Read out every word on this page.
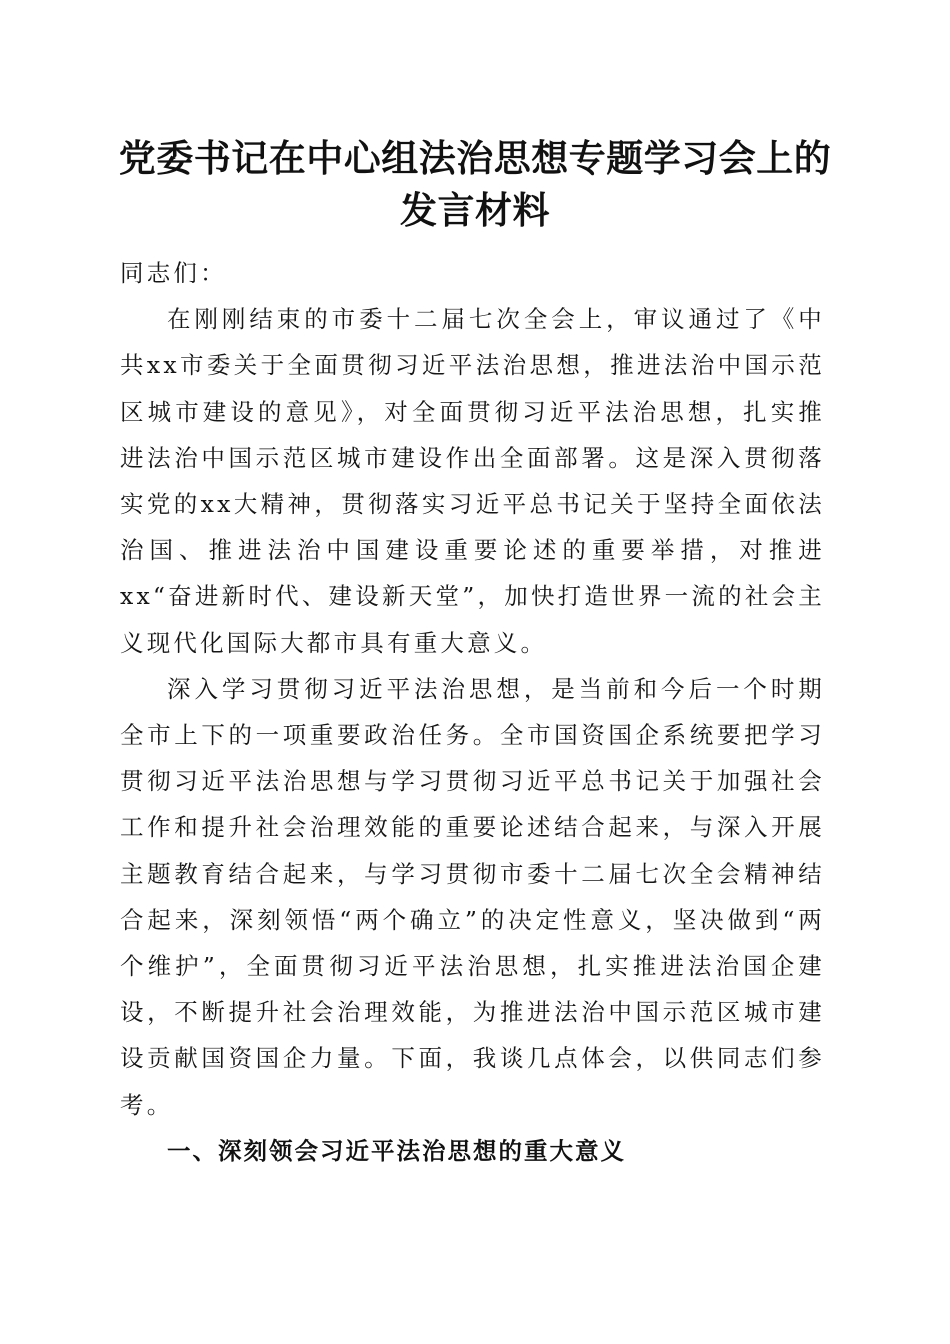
党委书记在中心组法治思想专题学习会上的发言材料

同志们：

在刚刚结束的市委十二届七次全会上，审议通过了《中共xx市委关于全面贯彻习近平法治思想，推进法治中国示范区城市建设的意见》，对全面贯彻习近平法治思想，扎实推进法治中国示范区城市建设作出全面部署。这是深入贯彻落实党的xx大精神，贯彻落实习近平总书记关于坚持全面依法治国、推进法治中国建设重要论述的重要举措，对推进xx“奋进新时代、建设新天堂”，加快打造世界一流的社会主义现代化国际大都市具有重大意义。

深入学习贯彻习近平法治思想，是当前和今后一个时期全市上下的一项重要政治任务。全市国资国企系统要把学习贯彻习近平法治思想与学习贯彻习近平总书记关于加强社会工作和提升社会治理效能的重要论述结合起来，与深入开展主题教育结合起来，与学习贯彻市委十二届七次全会精神结合起来，深刻领悟“两个确立”的决定性意义，坚决做到“两个维护”，全面贯彻习近平法治思想，扎实推进法治国企建设，不断提升社会治理效能，为推进法治中国示范区城市建设贡献国资国企力量。下面，我谈几点体会，以供同志们参考。

一、深刻领会习近平法治思想的重大意义
